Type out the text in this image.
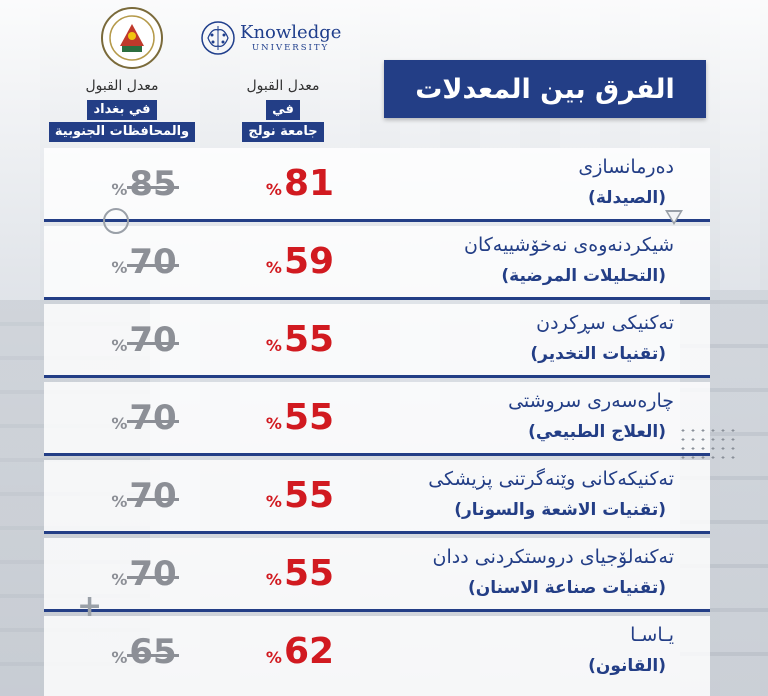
Knowledge
UNIVERSITY
الفرق بين المعدلات
معدل القبول
في
جامعة نولج
معدل القبول
في بغداد
والمحافظات الجنوبية
دەرمانسازی
(الصيدلة)
%81
%85
شیکردنەوەی نەخۆشییەکان
(التحليلات المرضية)
%59
%70
تەکنیکی سڕکردن
(تقنيات التخدير)
%55
%70
چارەسەری سروشتی
(العلاج الطبيعي)
%55
%70
تەکنیکەکانی وێنەگرتنی پزیشکی
(تقنيات الاشعة والسونار)
%55
%70
تەکنەلۆجیای دروستکردنی ددان
(تقنيات صناعة الاسنان)
%55
%70
یـاسـا
(القانون)
%62
%65
+
